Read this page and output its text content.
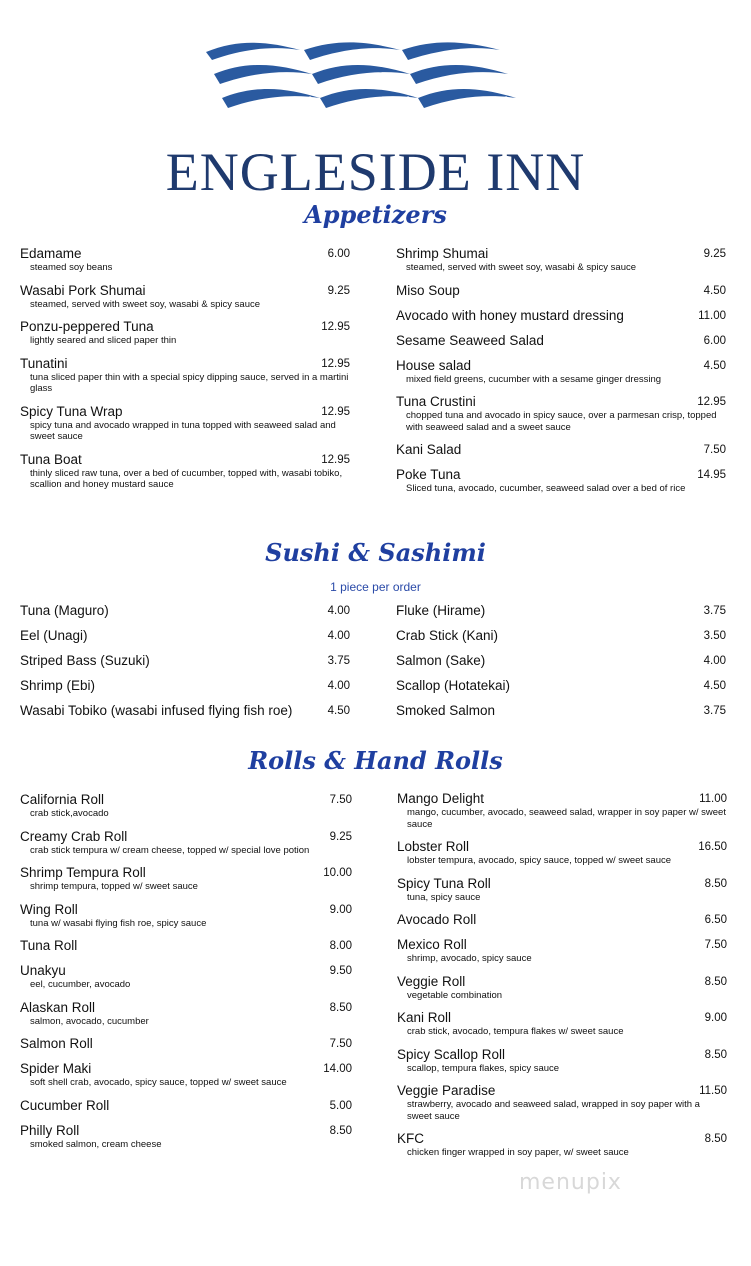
ENGLESIDE INN
Appetizers
Edamame	6.00
steamed soy beans
Wasabi Pork Shumai	9.25
steamed, served with sweet soy, wasabi & spicy sauce
Ponzu-peppered Tuna	12.95
lightly seared and sliced paper thin
Tunatini	12.95
tuna sliced paper thin with a special spicy dipping sauce, served in a martini glass
Spicy Tuna Wrap	12.95
spicy tuna and avocado wrapped in tuna topped with seaweed salad and sweet sauce
Tuna Boat	12.95
thinly sliced raw tuna, over a bed of cucumber, topped with, wasabi tobiko, scallion and honey mustard sauce
Shrimp Shumai	9.25
steamed, served with sweet soy, wasabi & spicy sauce
Miso Soup	4.50
Avocado with honey mustard dressing	11.00
Sesame Seaweed Salad	6.00
House salad	4.50
mixed field greens, cucumber with a sesame ginger dressing
Tuna Crustini	12.95
chopped tuna and avocado in spicy sauce, over a parmesan crisp, topped with seaweed salad and a sweet sauce
Kani Salad	7.50
Poke Tuna	14.95
Sliced tuna, avocado, cucumber, seaweed salad over a bed of rice
Sushi & Sashimi
1 piece per order
Tuna (Maguro)	4.00
Eel (Unagi)	4.00
Striped Bass (Suzuki)	3.75
Shrimp (Ebi)	4.00
Wasabi Tobiko (wasabi infused flying fish roe)	4.50
Fluke (Hirame)	3.75
Crab Stick (Kani)	3.50
Salmon (Sake)	4.00
Scallop (Hotatekai)	4.50
Smoked Salmon	3.75
Rolls & Hand Rolls
California Roll	7.50
crab stick,avocado
Creamy Crab Roll	9.25
crab stick tempura w/ cream cheese, topped w/ special love potion
Shrimp Tempura Roll	10.00
shrimp tempura, topped w/ sweet sauce
Wing Roll	9.00
tuna w/ wasabi flying fish roe, spicy sauce
Tuna Roll	8.00
Unakyu	9.50
eel, cucumber, avocado
Alaskan Roll	8.50
salmon, avocado, cucumber
Salmon Roll	7.50
Spider Maki	14.00
soft shell crab, avocado, spicy sauce, topped w/ sweet sauce
Cucumber Roll	5.00
Philly Roll	8.50
smoked salmon, cream cheese
Mango Delight	11.00
mango, cucumber, avocado, seaweed salad, wrapper in soy paper w/ sweet sauce
Lobster Roll	16.50
lobster tempura, avocado, spicy sauce, topped w/ sweet sauce
Spicy Tuna Roll	8.50
tuna, spicy sauce
Avocado Roll	6.50
Mexico Roll	7.50
shrimp, avocado, spicy sauce
Veggie Roll	8.50
vegetable combination
Kani Roll	9.00
crab stick, avocado, tempura flakes w/ sweet sauce
Spicy Scallop Roll	8.50
scallop, tempura flakes, spicy sauce
Veggie Paradise	11.50
strawberry, avocado and seaweed salad, wrapped in soy paper with a sweet sauce
KFC	8.50
chicken finger wrapped in soy paper, w/ sweet sauce
menupix
